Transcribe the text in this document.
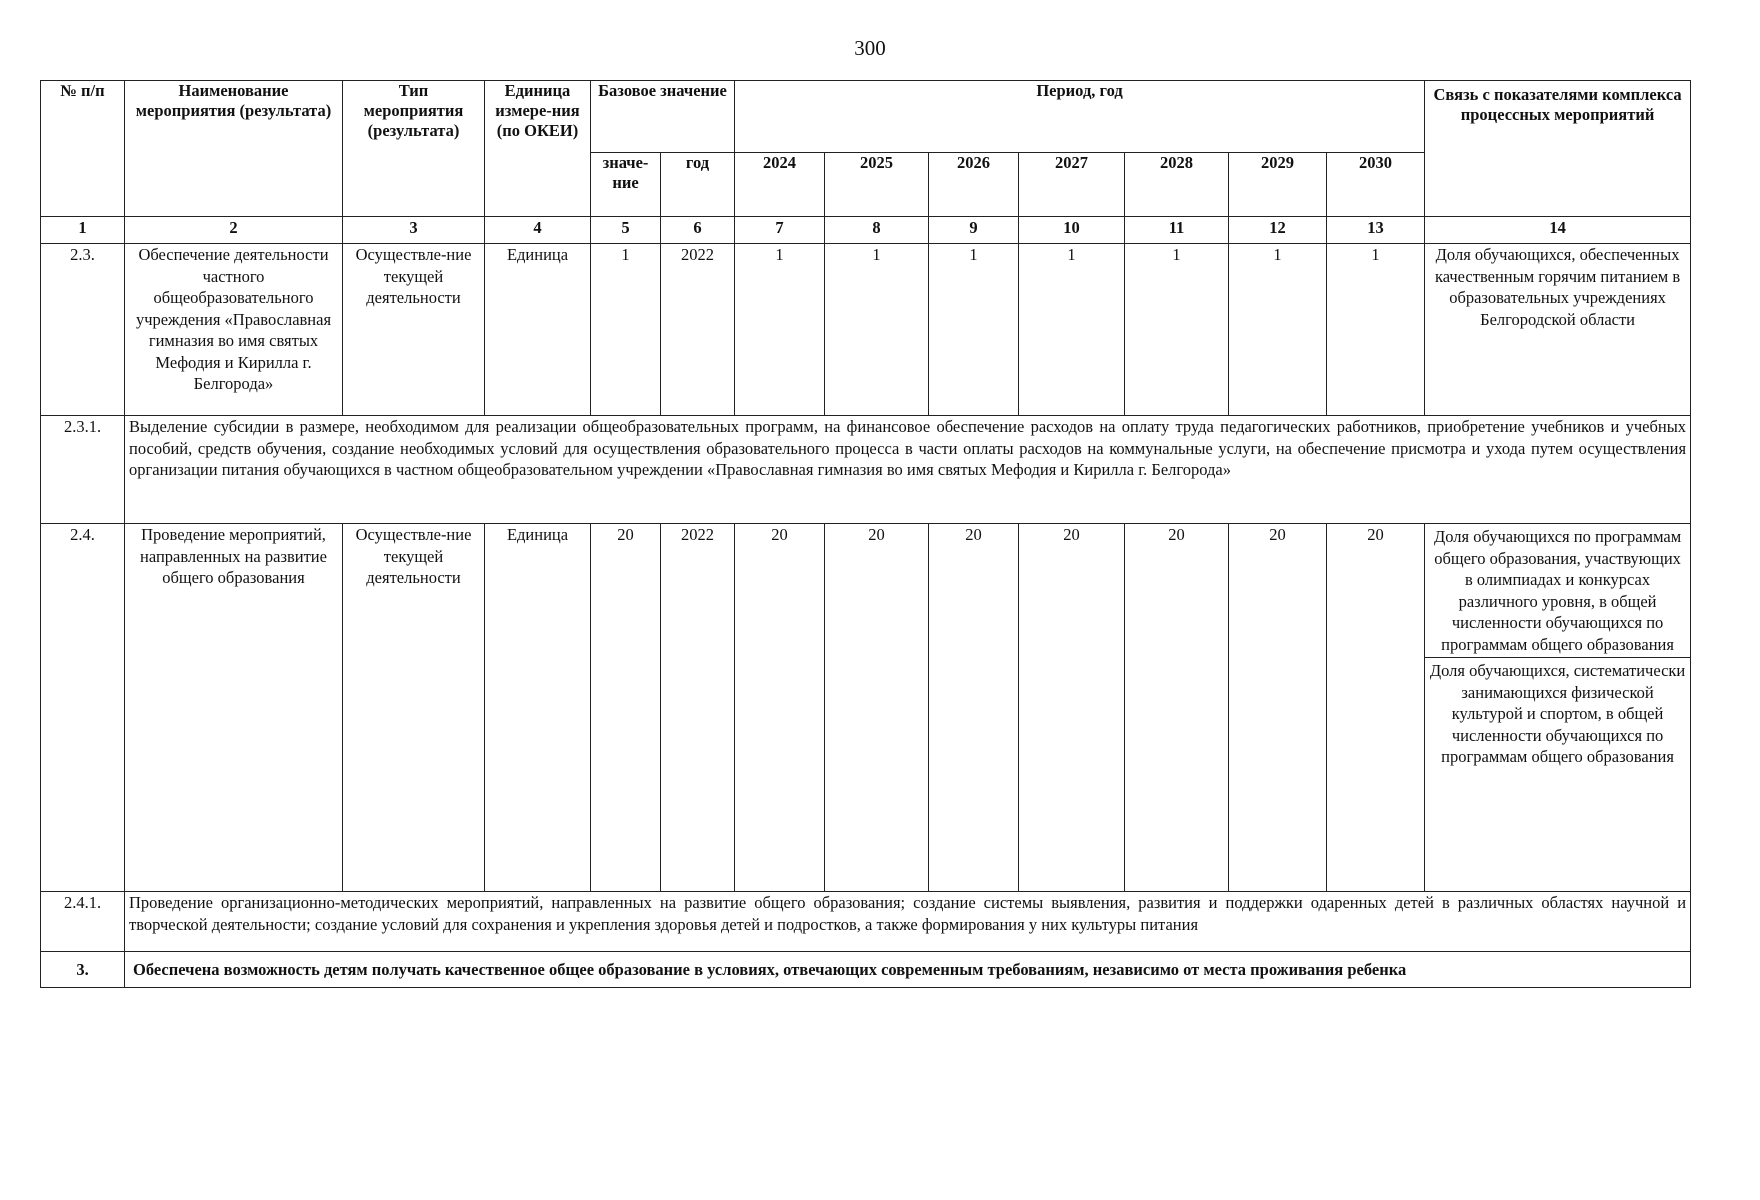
300
№ п/п	Наименование мероприятия (результата)	Тип мероприятия (результата)	Единица измере-ния (по ОКЕИ)	Базовое значение		Период, год							Связь с показателями комплекса процессных мероприятий
				значе-ние	год	2024	2025	2026	2027	2028	2029	2030	
1	2	3	4	5	6	7	8	9	10	11	12	13	14
2.3.	Обеспечение деятельности частного общеобразовательного учреждения «Православная гимназия во имя святых Мефодия и Кирилла г. Белгорода»	Осуществле-ние текущей деятельности	Единица	1	2022	1	1	1	1	1	1	1	Доля обучающихся, обеспеченных качественным горячим питанием в образовательных учреждениях Белгородской области
2.3.1.	Выделение субсидии в размере, необходимом для реализации общеобразовательных программ, на финансовое обеспечение расходов на оплату труда педагогических работников, приобретение учебников и учебных пособий, средств обучения, создание необходимых условий для осуществления образовательного процесса в части оплаты расходов на коммунальные услуги, на обеспечение присмотра и ухода путем осуществления организации питания обучающихся в частном общеобразовательном учреждении «Православная гимназия во имя святых Мефодия и Кирилла г. Белгорода»												
2.4.	Проведение мероприятий, направленных на развитие общего образования	Осуществле-ние текущей деятельности	Единица	20	2022	20	20	20	20	20	20	20	Доля обучающихся по программам общего образования, участвующих в олимпиадах и конкурсах различного уровня, в общей численности обучающихся по программам общего образования
Доля обучающихся, систематически занимающихся физической культурой и спортом, в общей численности обучающихся по программам общего образования

2.4.1.	Проведение организационно-методических мероприятий, направленных на развитие общего образования; создание системы выявления, развития и поддержки одаренных детей в различных областях научной и творческой деятельности; создание условий для сохранения и укрепления здоровья детей и подростков, а также формирования у них культуры питания												
3.	Обеспечена возможность детям получать качественное общее образование в условиях, отвечающих современным требованиям, независимо от места проживания ребенка												
